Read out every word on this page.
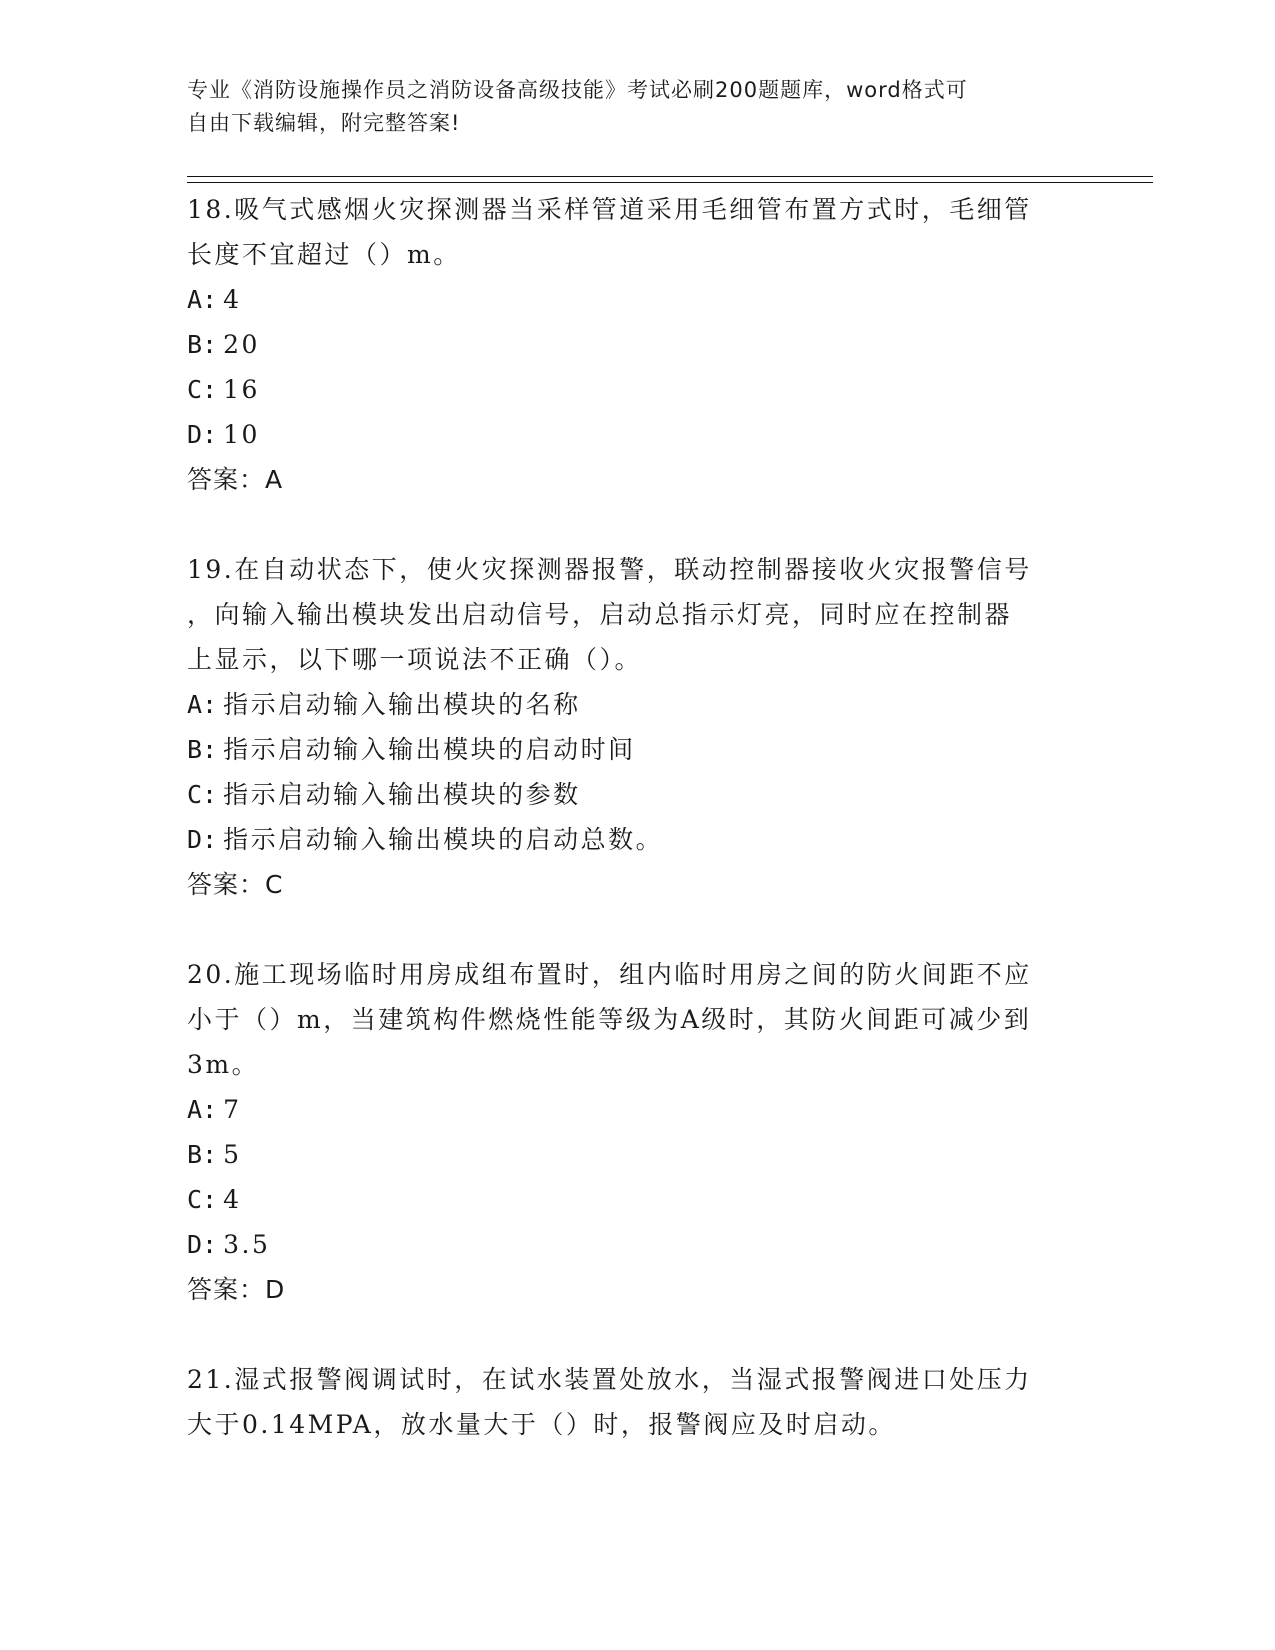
专业《消防设施操作员之消防设备高级技能》考试必刷200题题库，word格式可
自由下载编辑，附完整答案!
18.吸气式感烟火灾探测器当采样管道采用毛细管布置方式时，毛细管
长度不宜超过（）m。
A: 4
B: 20
C: 16
D: 10
答案：A
19.在自动状态下，使火灾探测器报警，联动控制器接收火灾报警信号
，向输入输出模块发出启动信号，启动总指示灯亮，同时应在控制器
上显示，以下哪一项说法不正确（）。
A: 指示启动输入输出模块的名称
B: 指示启动输入输出模块的启动时间
C: 指示启动输入输出模块的参数
D: 指示启动输入输出模块的启动总数。
答案：C
20.施工现场临时用房成组布置时，组内临时用房之间的防火间距不应
小于（）m，当建筑构件燃烧性能等级为A级时，其防火间距可减少到
3m。
A: 7
B: 5
C: 4
D: 3.5
答案：D
21.湿式报警阀调试时，在试水装置处放水，当湿式报警阀进口处压力
大于0.14MPA，放水量大于（）时，报警阀应及时启动。
